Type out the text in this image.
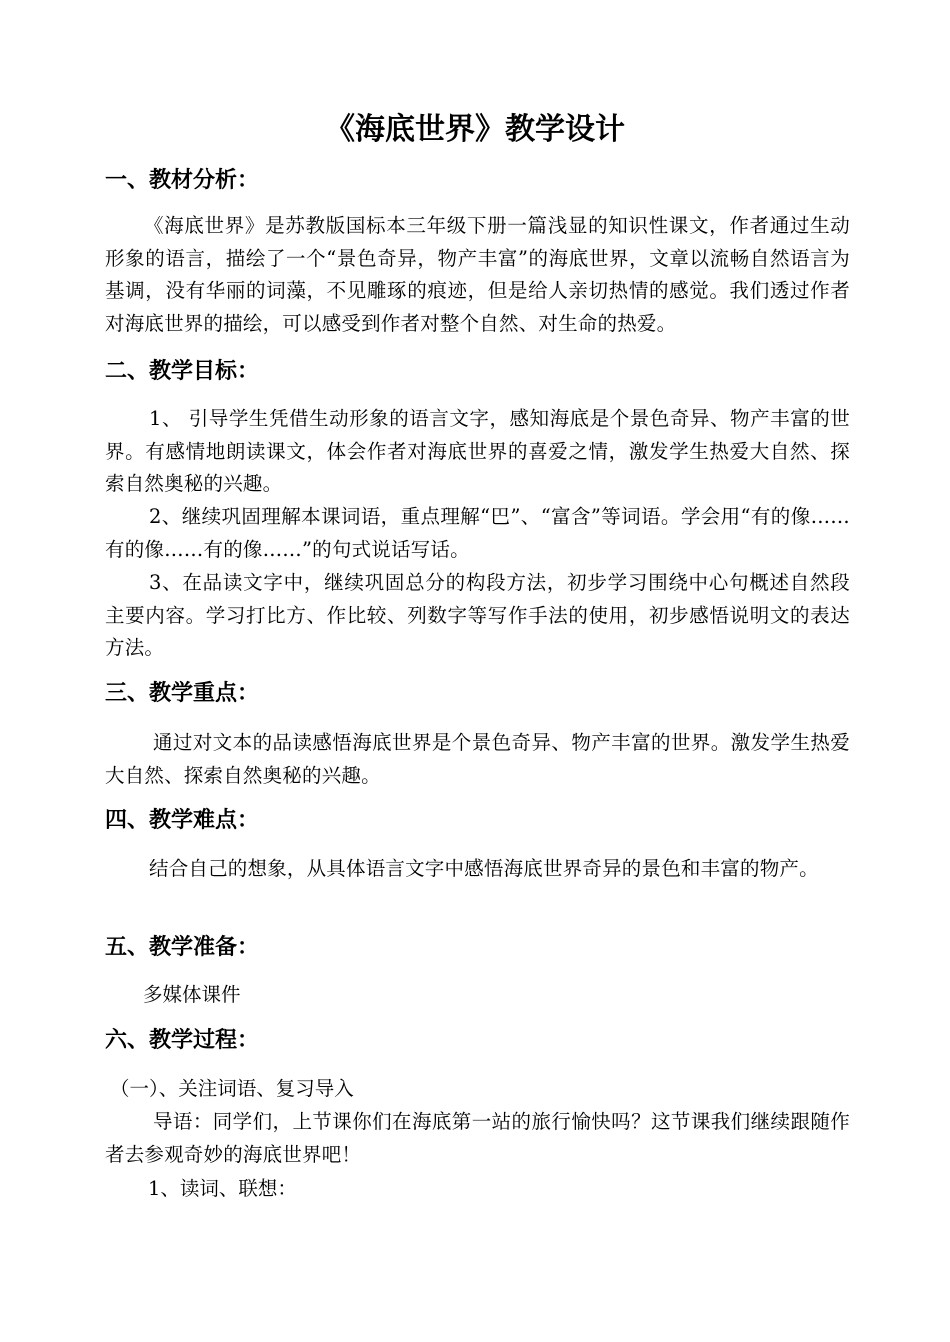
《海底世界》教学设计
一、教材分析：
《海底世界》是苏教版国标本三年级下册一篇浅显的知识性课文，作者通过生动形象的语言，描绘了一个“景色奇异，物产丰富”的海底世界，文章以流畅自然语言为基调，没有华丽的词藻，不见雕琢的痕迹，但是给人亲切热情的感觉。我们透过作者对海底世界的描绘，可以感受到作者对整个自然、对生命的热爱。
二、教学目标：
1、 引导学生凭借生动形象的语言文字，感知海底是个景色奇异、物产丰富的世界。有感情地朗读课文，体会作者对海底世界的喜爱之情，激发学生热爱大自然、探索自然奥秘的兴趣。
2、继续巩固理解本课词语，重点理解“巴”、“富含”等词语。学会用“有的像……有的像……有的像……”的句式说话写话。
3、在品读文字中，继续巩固总分的构段方法，初步学习围绕中心句概述自然段主要内容。学习打比方、作比较、列数字等写作手法的使用，初步感悟说明文的表达方法。
三、教学重点：
通过对文本的品读感悟海底世界是个景色奇异、物产丰富的世界。激发学生热爱大自然、探索自然奥秘的兴趣。
四、教学难点：
结合自己的想象，从具体语言文字中感悟海底世界奇异的景色和丰富的物产。
五、教学准备：
多媒体课件
六、教学过程：
（一）、关注词语、复习导入
导语：同学们，上节课你们在海底第一站的旅行愉快吗？这节课我们继续跟随作者去参观奇妙的海底世界吧！
1、读词、联想：
